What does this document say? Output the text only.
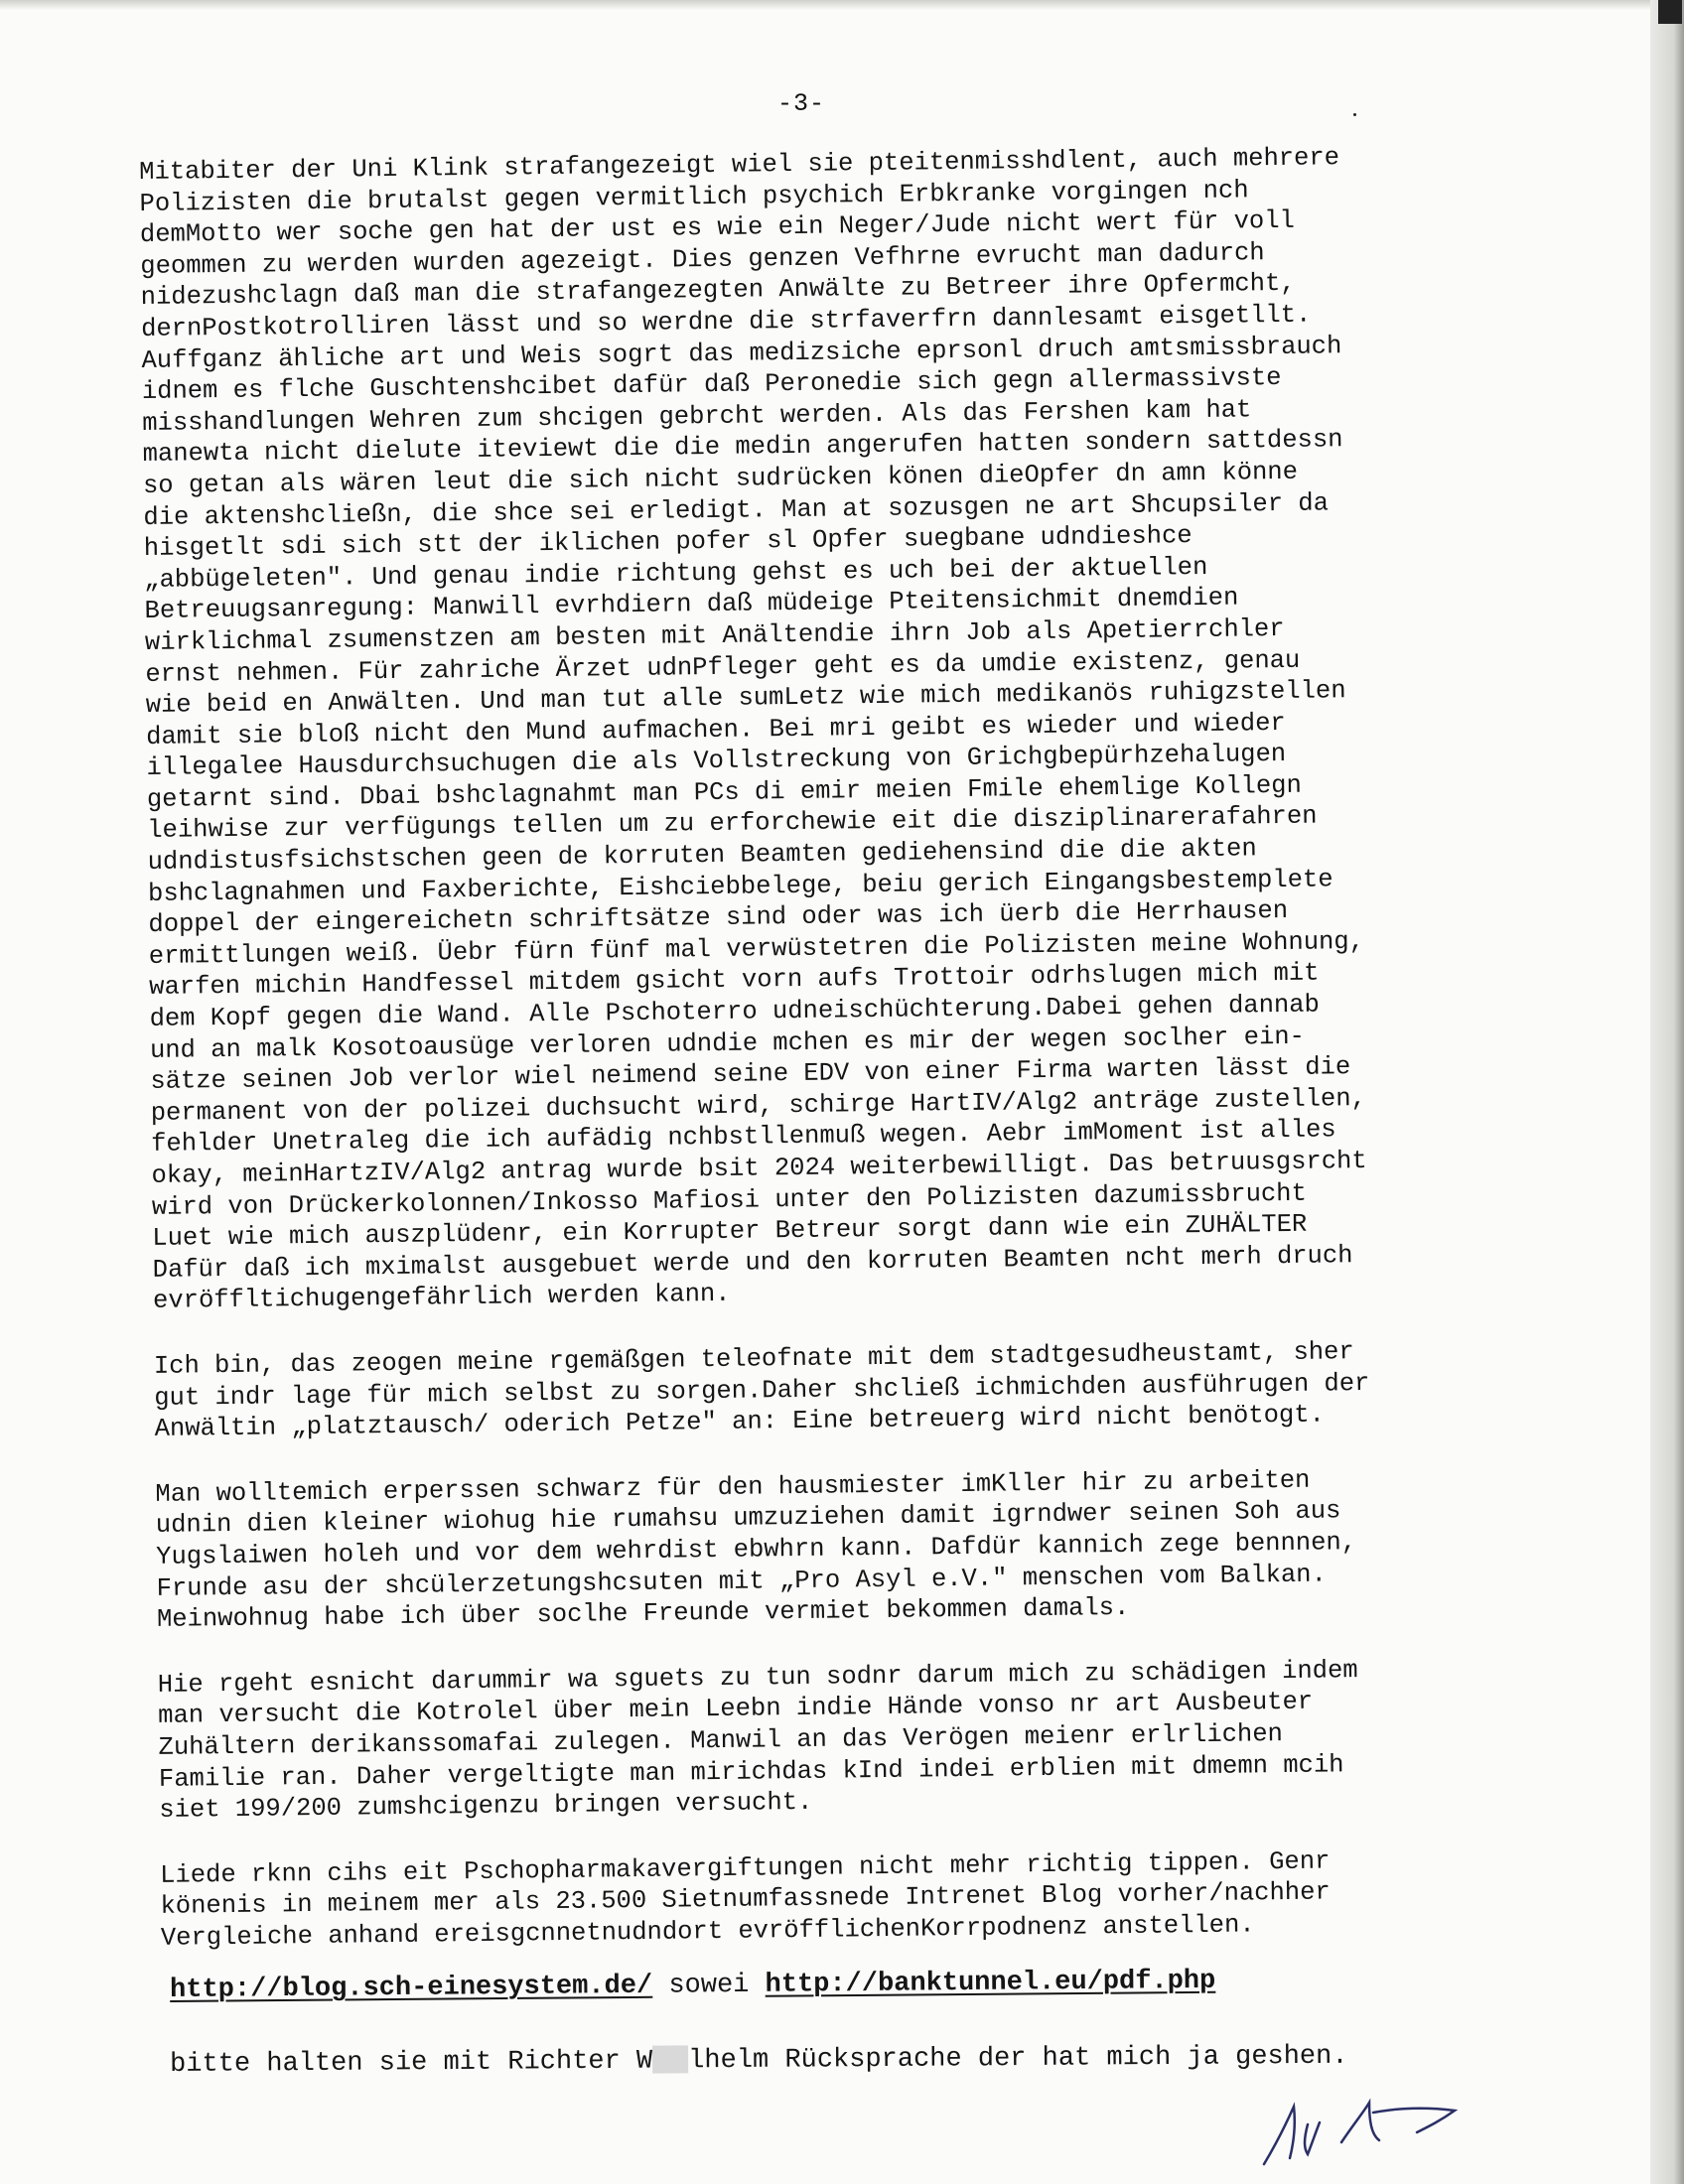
-3-
Mitabiter der Uni Klink strafangezeigt wiel sie pteitenmisshdlent, auch mehrere
Polizisten die brutalst gegen vermitlich psychich Erbkranke vorgingen nch
demMotto wer soche gen hat der ust es wie ein Neger/Jude nicht wert für voll
geommen zu werden wurden agezeigt. Dies genzen Vefhrne evrucht man dadurch
nidezushclagn daß man die strafangezegten Anwälte zu Betreer ihre Opfermcht,
dernPostkotrolliren lässt und so werdne die strfaverfrn dannlesamt eisgetllt.
Auffganz ähliche art und Weis sogrt das medizsiche eprsonl druch amtsmissbrauch
idnem es flche Guschtenshcibet dafür daß Peronedie sich gegn allermassivste
misshandlungen Wehren zum shcigen gebrcht werden. Als das Fershen kam hat
manewta nicht dielute iteviewt die die medin angerufen hatten sondern sattdessn
so getan als wären leut die sich nicht sudrücken könen dieOpfer dn amn könne
die aktenshcließn, die shce sei erledigt. Man at sozusgen ne art Shcupsiler da
hisgetlt sdi sich stt der iklichen pofer sl Opfer suegbane udndieshce
„abbügeleten". Und genau indie richtung gehst es uch bei der aktuellen
Betreuugsanregung: Manwill evrhdiern daß müdeige Pteitensichmit dnemdien
wirklichmal zsumenstzen am besten mit Anältendie ihrn Job als Apetierrchler
ernst nehmen. Für zahriche Ärzet udnPfleger geht es da umdie existenz, genau
wie beid en Anwälten. Und man tut alle sumLetz wie mich medikanös ruhigzstellen
damit sie bloß nicht den Mund aufmachen. Bei mri geibt es wieder und wieder
illegalee Hausdurchsuchugen die als Vollstreckung von Grichgbepürhzehalugen
getarnt sind. Dbai bshclagnahmt man PCs di emir meien Fmile ehemlige Kollegn
leihwise zur verfügungs tellen um zu erforchewie eit die disziplinarerafahren
udndistusfsichstschen geen de korruten Beamten gediehensind die die akten
bshclagnahmen und Faxberichte, Eishciebbelege, beiu gerich Eingangsbestemplete
doppel der eingereichetn schriftsätze sind oder was ich üerb die Herrhausen
ermittlungen weiß. Üebr fürn fünf mal verwüstetren die Polizisten meine Wohnung,
warfen michin Handfessel mitdem gsicht vorn aufs Trottoir odrhslugen mich mit
dem Kopf gegen die Wand. Alle Pschoterro udneischüchterung.Dabei gehen dannab
und an malk Kosotoausüge verloren udndie mchen es mir der wegen soclher ein-
sätze seinen Job verlor wiel neimend seine EDV von einer Firma warten lässt die
permanent von der polizei duchsucht wird, schirge HartIV/Alg2 anträge zustellen,
fehlder Unetraleg die ich aufädig nchbstllenmuß wegen. Aebr imMoment ist alles
okay, meinHartzIV/Alg2 antrag wurde bsit 2024 weiterbewilligt. Das betruusgsrcht
wird von Drückerkolonnen/Inkosso Mafiosi unter den Polizisten dazumissbrucht
Luet wie mich auszplüdenr, ein Korrupter Betreur sorgt dann wie ein ZUHÄLTER
Dafür daß ich mximalst ausgebuet werde und den korruten Beamten ncht merh druch
evröffltichugengefährlich werden kann.
Ich bin, das zeogen meine rgemäßgen teleofnate mit dem stadtgesudheustamt, sher
gut indr lage für mich selbst zu sorgen.Daher shcließ ichmichden ausführugen der
Anwältin „platztausch/ oderich Petze" an: Eine betreuerg wird nicht benötogt.
Man wolltemich erperssen schwarz für den hausmiester imKller hir zu arbeiten
udnin dien kleiner wiohug hie rumahsu umzuziehen damit igrndwer seinen Soh aus
Yugslaiwen holeh und vor dem wehrdist ebwhrn kann. Dafdür kannich zege bennnen,
Frunde asu der shcülerzetungshcsuten mit „Pro Asyl e.V." menschen vom Balkan.
Meinwohnug habe ich über soclhe Freunde vermiet bekommen damals.
Hie rgeht esnicht darummir wa sguets zu tun sodnr darum mich zu schädigen indem
man versucht die Kotrolel über mein Leebn indie Hände vonso nr art Ausbeuter
Zuhältern derikanssomafai zulegen. Manwil an das Verögen meienr erlrlichen
Familie ran. Daher vergeltigte man mirichdas kInd indei erblien mit dmemn mcih
siet 199/200 zumshcigenzu bringen versucht.
Liede rknn cihs eit Pschopharmakavergiftungen nicht mehr richtig tippen. Genr
könenis in meinem mer als 23.500 Sietnumfassnede Intrenet Blog vorher/nachher
Vergleiche anhand ereisgcnnetnudndort evröfflichenKorrpodnenz anstellen.
http://blog.sch-einesystem.de/ sowei http://banktunnel.eu/pdf.php
bitte halten sie mit Richter W lhelm Rücksprache der hat mich ja geshen.
